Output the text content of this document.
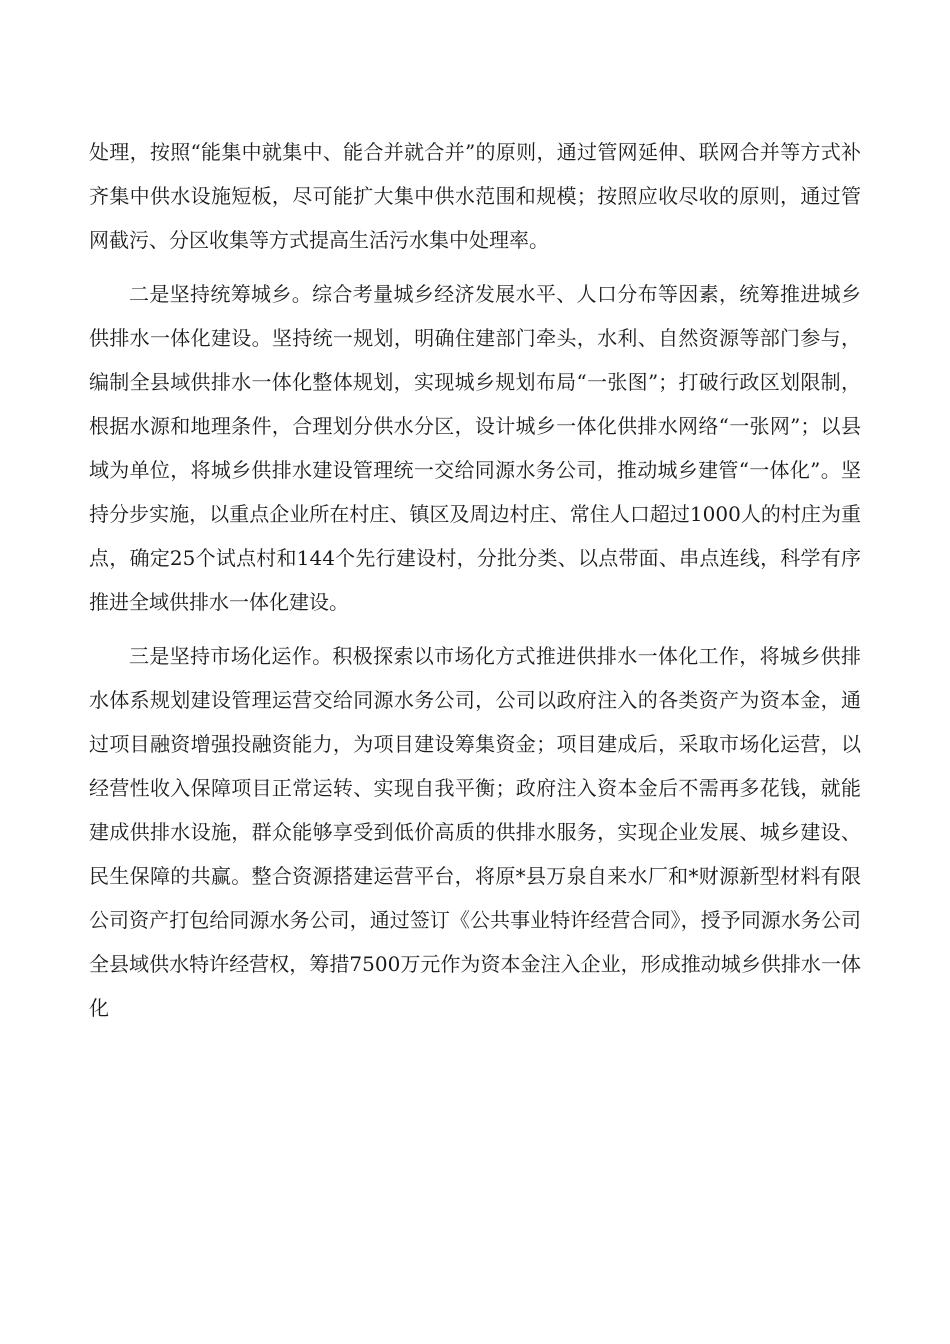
处理，按照“能集中就集中、能合并就合并”的原则，通过管网延伸、联网合并等方式补齐集中供水设施短板，尽可能扩大集中供水范围和规模；按照应收尽收的原则，通过管网截污、分区收集等方式提高生活污水集中处理率。

二是坚持统筹城乡。综合考量城乡经济发展水平、人口分布等因素，统筹推进城乡供排水一体化建设。坚持统一规划，明确住建部门牵头，水利、自然资源等部门参与，编制全县域供排水一体化整体规划，实现城乡规划布局“一张图”；打破行政区划限制，根据水源和地理条件，合理划分供水分区，设计城乡一体化供排水网络“一张网”；以县域为单位，将城乡供排水建设管理统一交给同源水务公司，推动城乡建管“一体化”。坚持分步实施，以重点企业所在村庄、镇区及周边村庄、常住人口超过1000人的村庄为重点，确定25个试点村和144个先行建设村，分批分类、以点带面、串点连线，科学有序推进全域供排水一体化建设。

三是坚持市场化运作。积极探索以市场化方式推进供排水一体化工作，将城乡供排水体系规划建设管理运营交给同源水务公司，公司以政府注入的各类资产为资本金，通过项目融资增强投融资能力，为项目建设筹集资金；项目建成后，采取市场化运营，以经营性收入保障项目正常运转、实现自我平衡；政府注入资本金后不需再多花钱，就能建成供排水设施，群众能够享受到低价高质的供排水服务，实现企业发展、城乡建设、民生保障的共赢。整合资源搭建运营平台，将原*县万泉自来水厂和*财源新型材料有限公司资产打包给同源水务公司，通过签订《公共事业特许经营合同》，授予同源水务公司全县域供水特许经营权，筹措7500万元作为资本金注入企业，形成推动城乡供排水一体化
